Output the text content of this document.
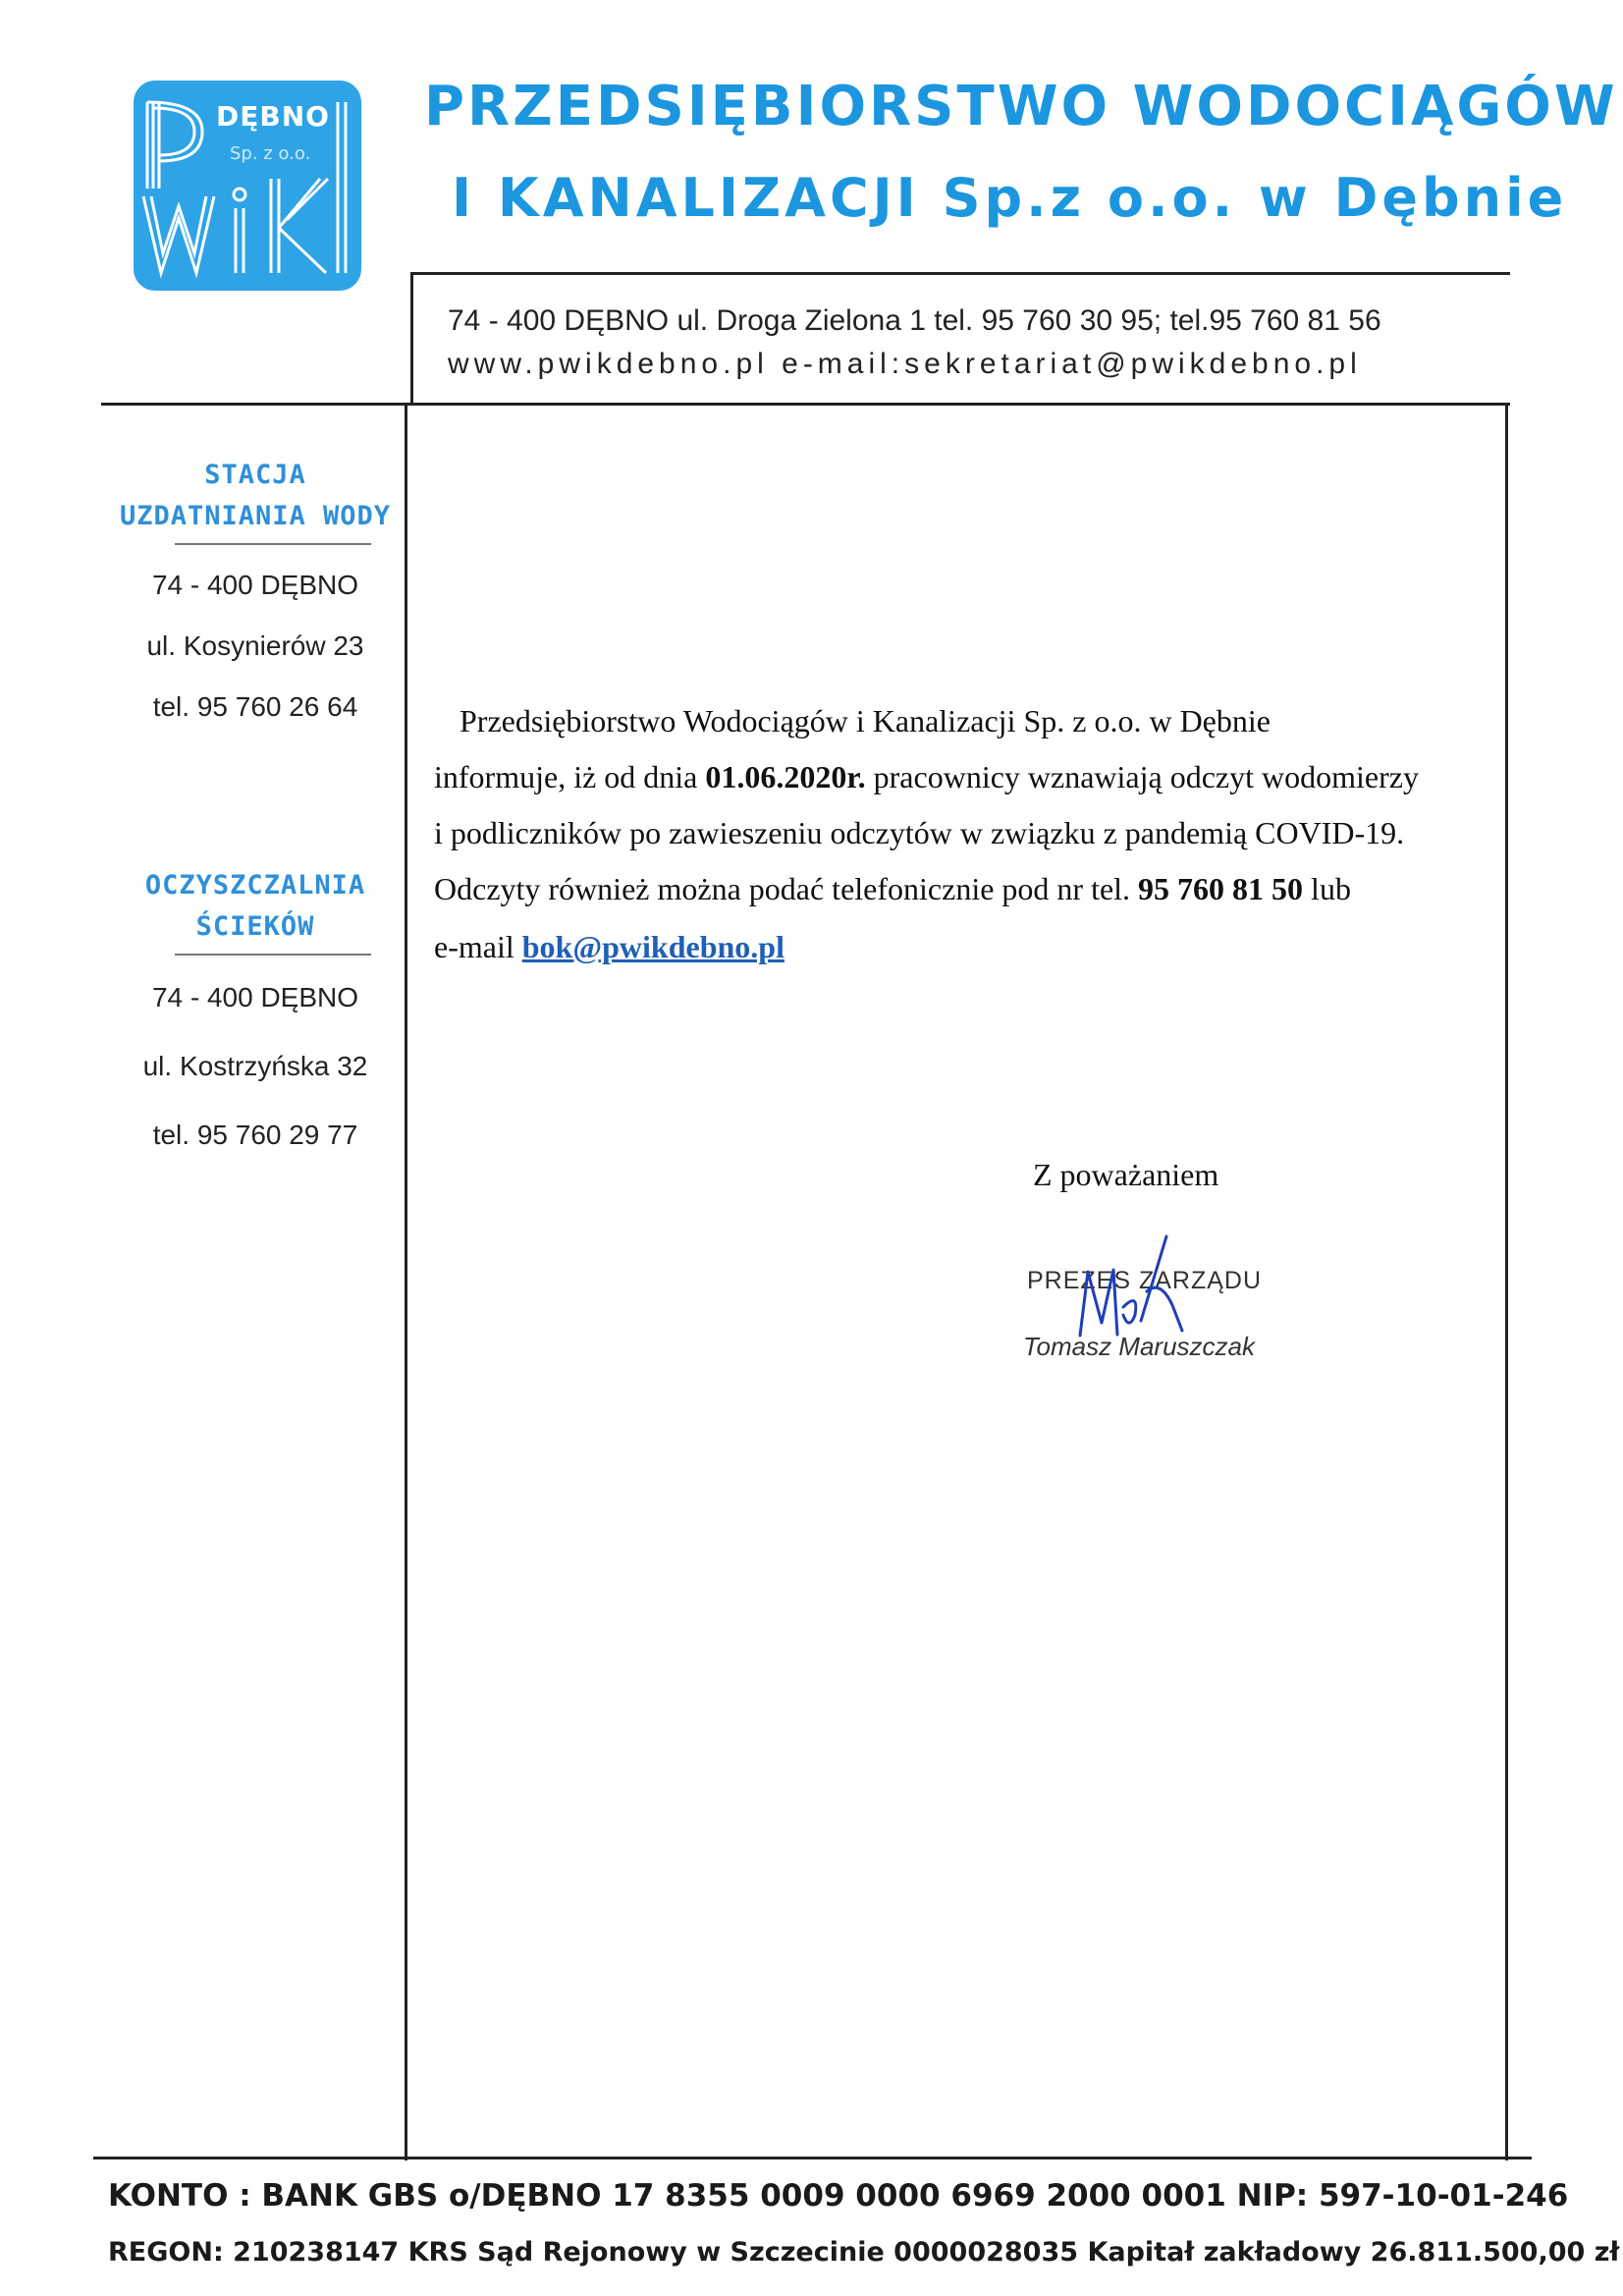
DĘBNO
Sp. z o.o.
PRZEDSIĘBIORSTWO WODOCIĄGÓW
I KANALIZACJI Sp.z o.o. w Dębnie
74 - 400 DĘBNO ul. Droga Zielona 1 tel. 95 760 30 95; tel.95 760 81 56
www.pwikdebno.pl e-mail:sekretariat@pwikdebno.pl
STACJA
UZDATNIANIA WODY
74 - 400 DĘBNO
ul. Kosynierów 23
tel. 95 760 26 64
OCZYSZCZALNIA
ŚCIEKÓW
74 - 400 DĘBNO
ul. Kostrzyńska 32
tel. 95 760 29 77
Przedsiębiorstwo Wodociągów i Kanalizacji Sp. z o.o. w Dębnie
informuje, iż od dnia 01.06.2020r. pracownicy wznawiają odczyt wodomierzy
i podliczników po zawieszeniu odczytów w związku z pandemią COVID-19.
Odczyty również można podać telefonicznie pod nr tel. 95 760 81 50 lub
e-mail bok@pwikdebno.pl
Z poważaniem
PREZES ZARZĄDU
Tomasz Maruszczak
KONTO : BANK GBS o/DĘBNO 17 8355 0009 0000 6969 2000 0001 NIP: 597-10-01-246
REGON: 210238147 KRS Sąd Rejonowy w Szczecinie 0000028035 Kapitał zakładowy 26.811.500,00 zł
